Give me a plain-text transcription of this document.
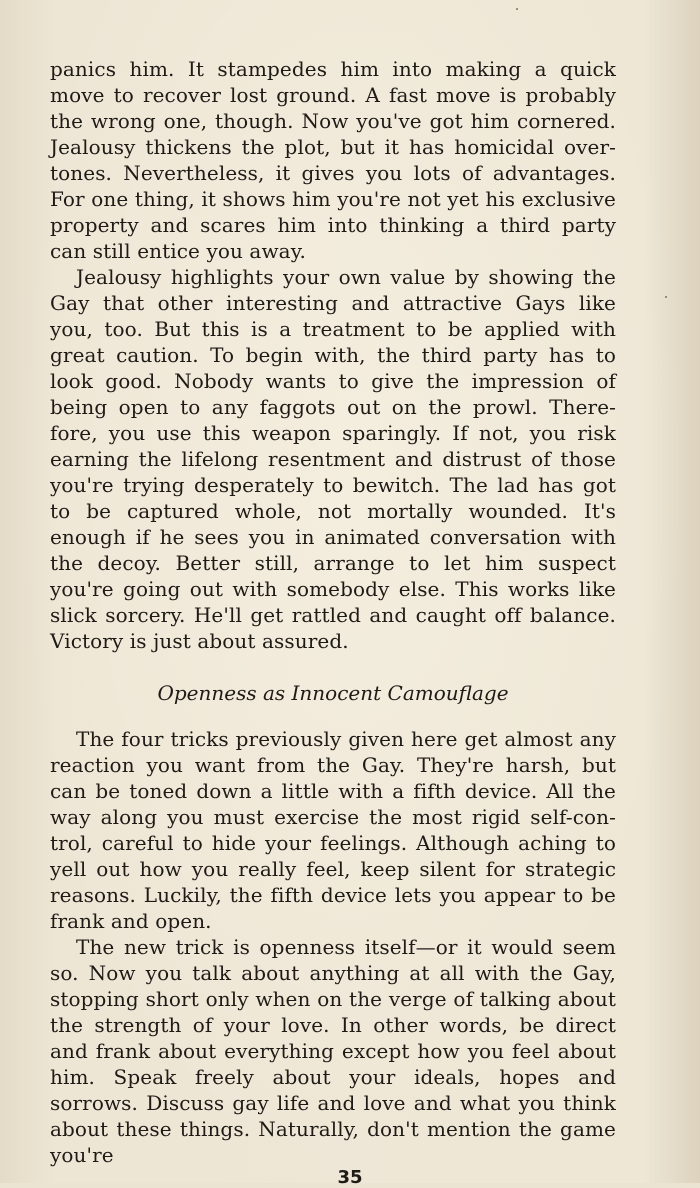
panics him. It stampedes him into making a quick move to recover lost ground. A fast move is probably the wrong one, though. Now you've got him cornered. Jealousy thickens the plot, but it has homicidal over-tones. Nevertheless, it gives you lots of advantages. For one thing, it shows him you're not yet his exclusive property and scares him into thinking a third party can still entice you away.

Jealousy highlights your own value by showing the Gay that other interesting and attractive Gays like you, too. But this is a treatment to be applied with great caution. To begin with, the third party has to look good. Nobody wants to give the impression of being open to any faggots out on the prowl. There-fore, you use this weapon sparingly. If not, you risk earning the lifelong resentment and distrust of those you're trying desperately to bewitch. The lad has got to be captured whole, not mortally wounded. It's enough if he sees you in animated conversation with the decoy. Better still, arrange to let him suspect you're going out with somebody else. This works like slick sorcery. He'll get rattled and caught off balance. Victory is just about assured.

Openness as Innocent Camouflage

The four tricks previously given here get almost any reaction you want from the Gay. They're harsh, but can be toned down a little with a fifth device. All the way along you must exercise the most rigid self-con-trol, careful to hide your feelings. Although aching to yell out how you really feel, keep silent for strategic reasons. Luckily, the fifth device lets you appear to be frank and open.

The new trick is openness itself—or it would seem so. Now you talk about anything at all with the Gay, stopping short only when on the verge of talking about the strength of your love. In other words, be direct and frank about everything except how you feel about him. Speak freely about your ideals, hopes and sorrows. Discuss gay life and love and what you think about these things. Naturally, don't mention the game you're

35
